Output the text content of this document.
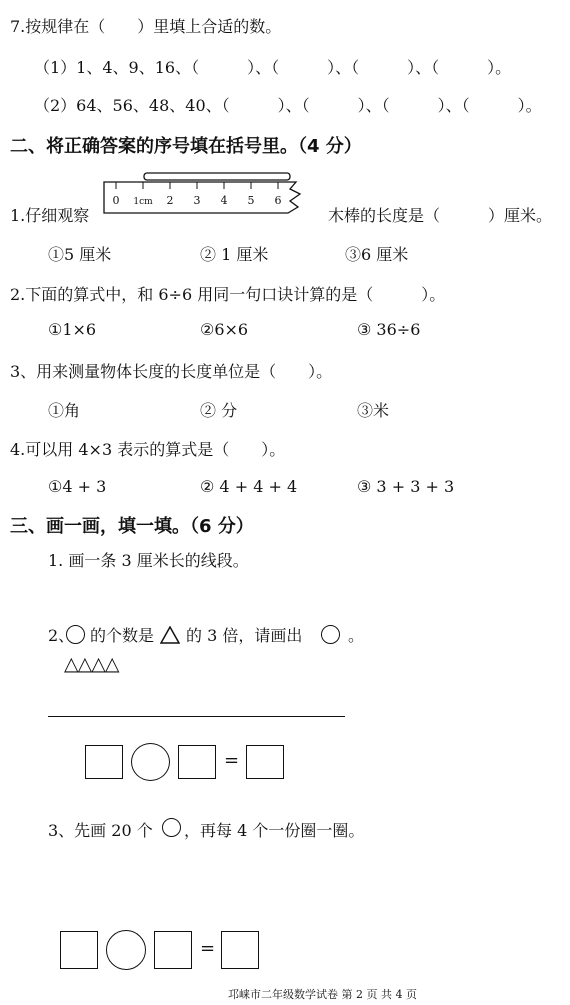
7.按规律在（　　）里填上合适的数。
（1）1、4、9、16、（　　　）、（　　　）、（　　　）、（　　　）。
（2）64、56、48、40、（　　　）、（　　　）、（　　　）、（　　　）。
二、将正确答案的序号填在括号里。（4 分）
1.仔细观察
0 1cm 2 3 4 5 6
木棒的长度是（　　　）厘米。
①5 厘米	② 1 厘米	③6 厘米
2.下面的算式中，和 6÷6 用同一句口诀计算的是（　　　）。
①1×6	②6×6	③ 36÷6
3、用来测量物体长度的长度单位是（　　）。
①角	② 分	③米
4.可以用 4×3 表示的算式是（　　）。
①4 + 3	② 4 + 4 + 4	③ 3 + 3 + 3
三、画一画，填一填。（6 分）
1. 画一条 3 厘米长的线段。
2、 的个数是 的 3 倍，请画出	。
△△△△
=
3、先画 20 个 ，再每 4 个一份圈一圈。
=
邛崃市二年级数学试卷 第 2 页 共 4 页
